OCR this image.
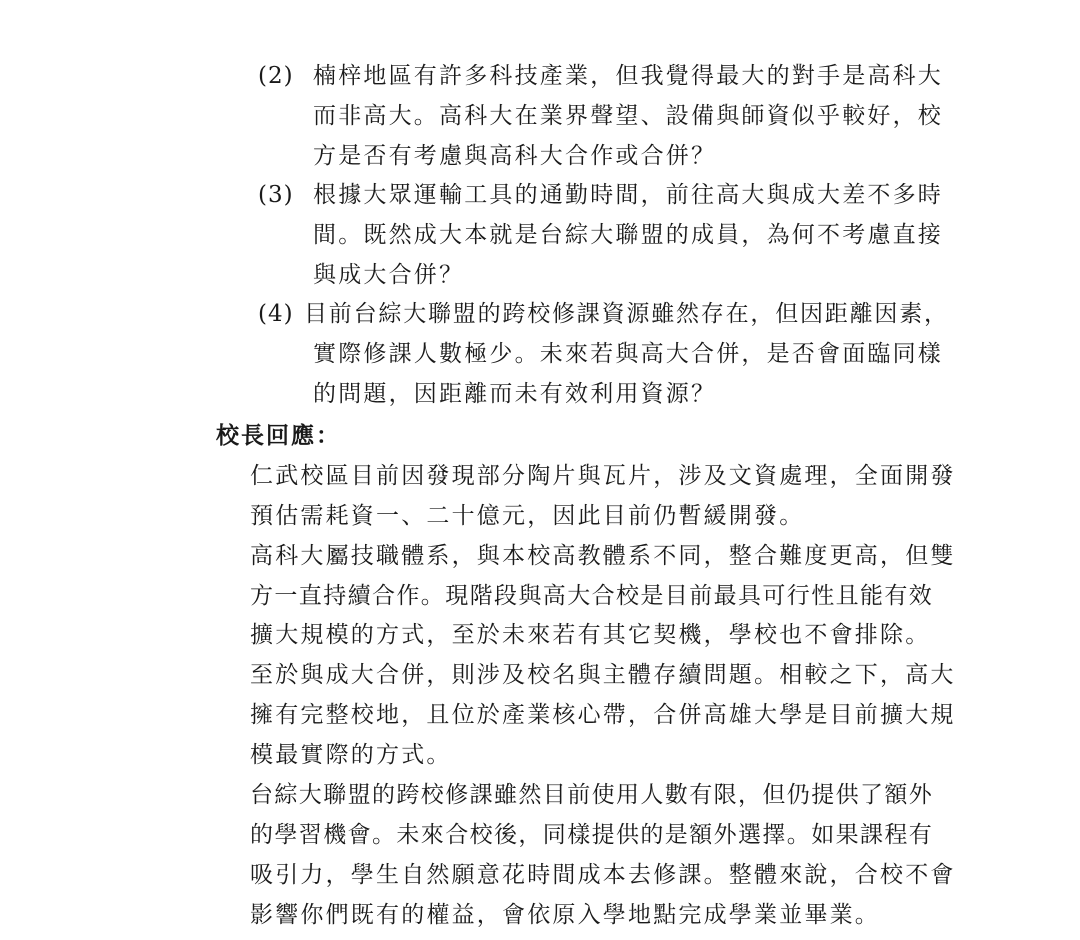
(2) 楠梓地區有許多科技產業，但我覺得最大的對手是高科大
而非高大。高科大在業界聲望、設備與師資似乎較好，校
方是否有考慮與高科大合作或合併？
(3) 根據大眾運輸工具的通勤時間，前往高大與成大差不多時
間。既然成大本就是台綜大聯盟的成員，為何不考慮直接
與成大合併？
(4) 目前台綜大聯盟的跨校修課資源雖然存在，但因距離因素，
實際修課人數極少。未來若與高大合併，是否會面臨同樣
的問題，因距離而未有效利用資源？
校長回應：
仁武校區目前因發現部分陶片與瓦片，涉及文資處理，全面開發
預估需耗資一、二十億元，因此目前仍暫緩開發。
高科大屬技職體系，與本校高教體系不同，整合難度更高，但雙
方一直持續合作。現階段與高大合校是目前最具可行性且能有效
擴大規模的方式，至於未來若有其它契機，學校也不會排除。
至於與成大合併，則涉及校名與主體存續問題。相較之下，高大
擁有完整校地，且位於產業核心帶，合併高雄大學是目前擴大規
模最實際的方式。
台綜大聯盟的跨校修課雖然目前使用人數有限，但仍提供了額外
的學習機會。未來合校後，同樣提供的是額外選擇。如果課程有
吸引力，學生自然願意花時間成本去修課。整體來說，合校不會
影響你們既有的權益，會依原入學地點完成學業並畢業。
